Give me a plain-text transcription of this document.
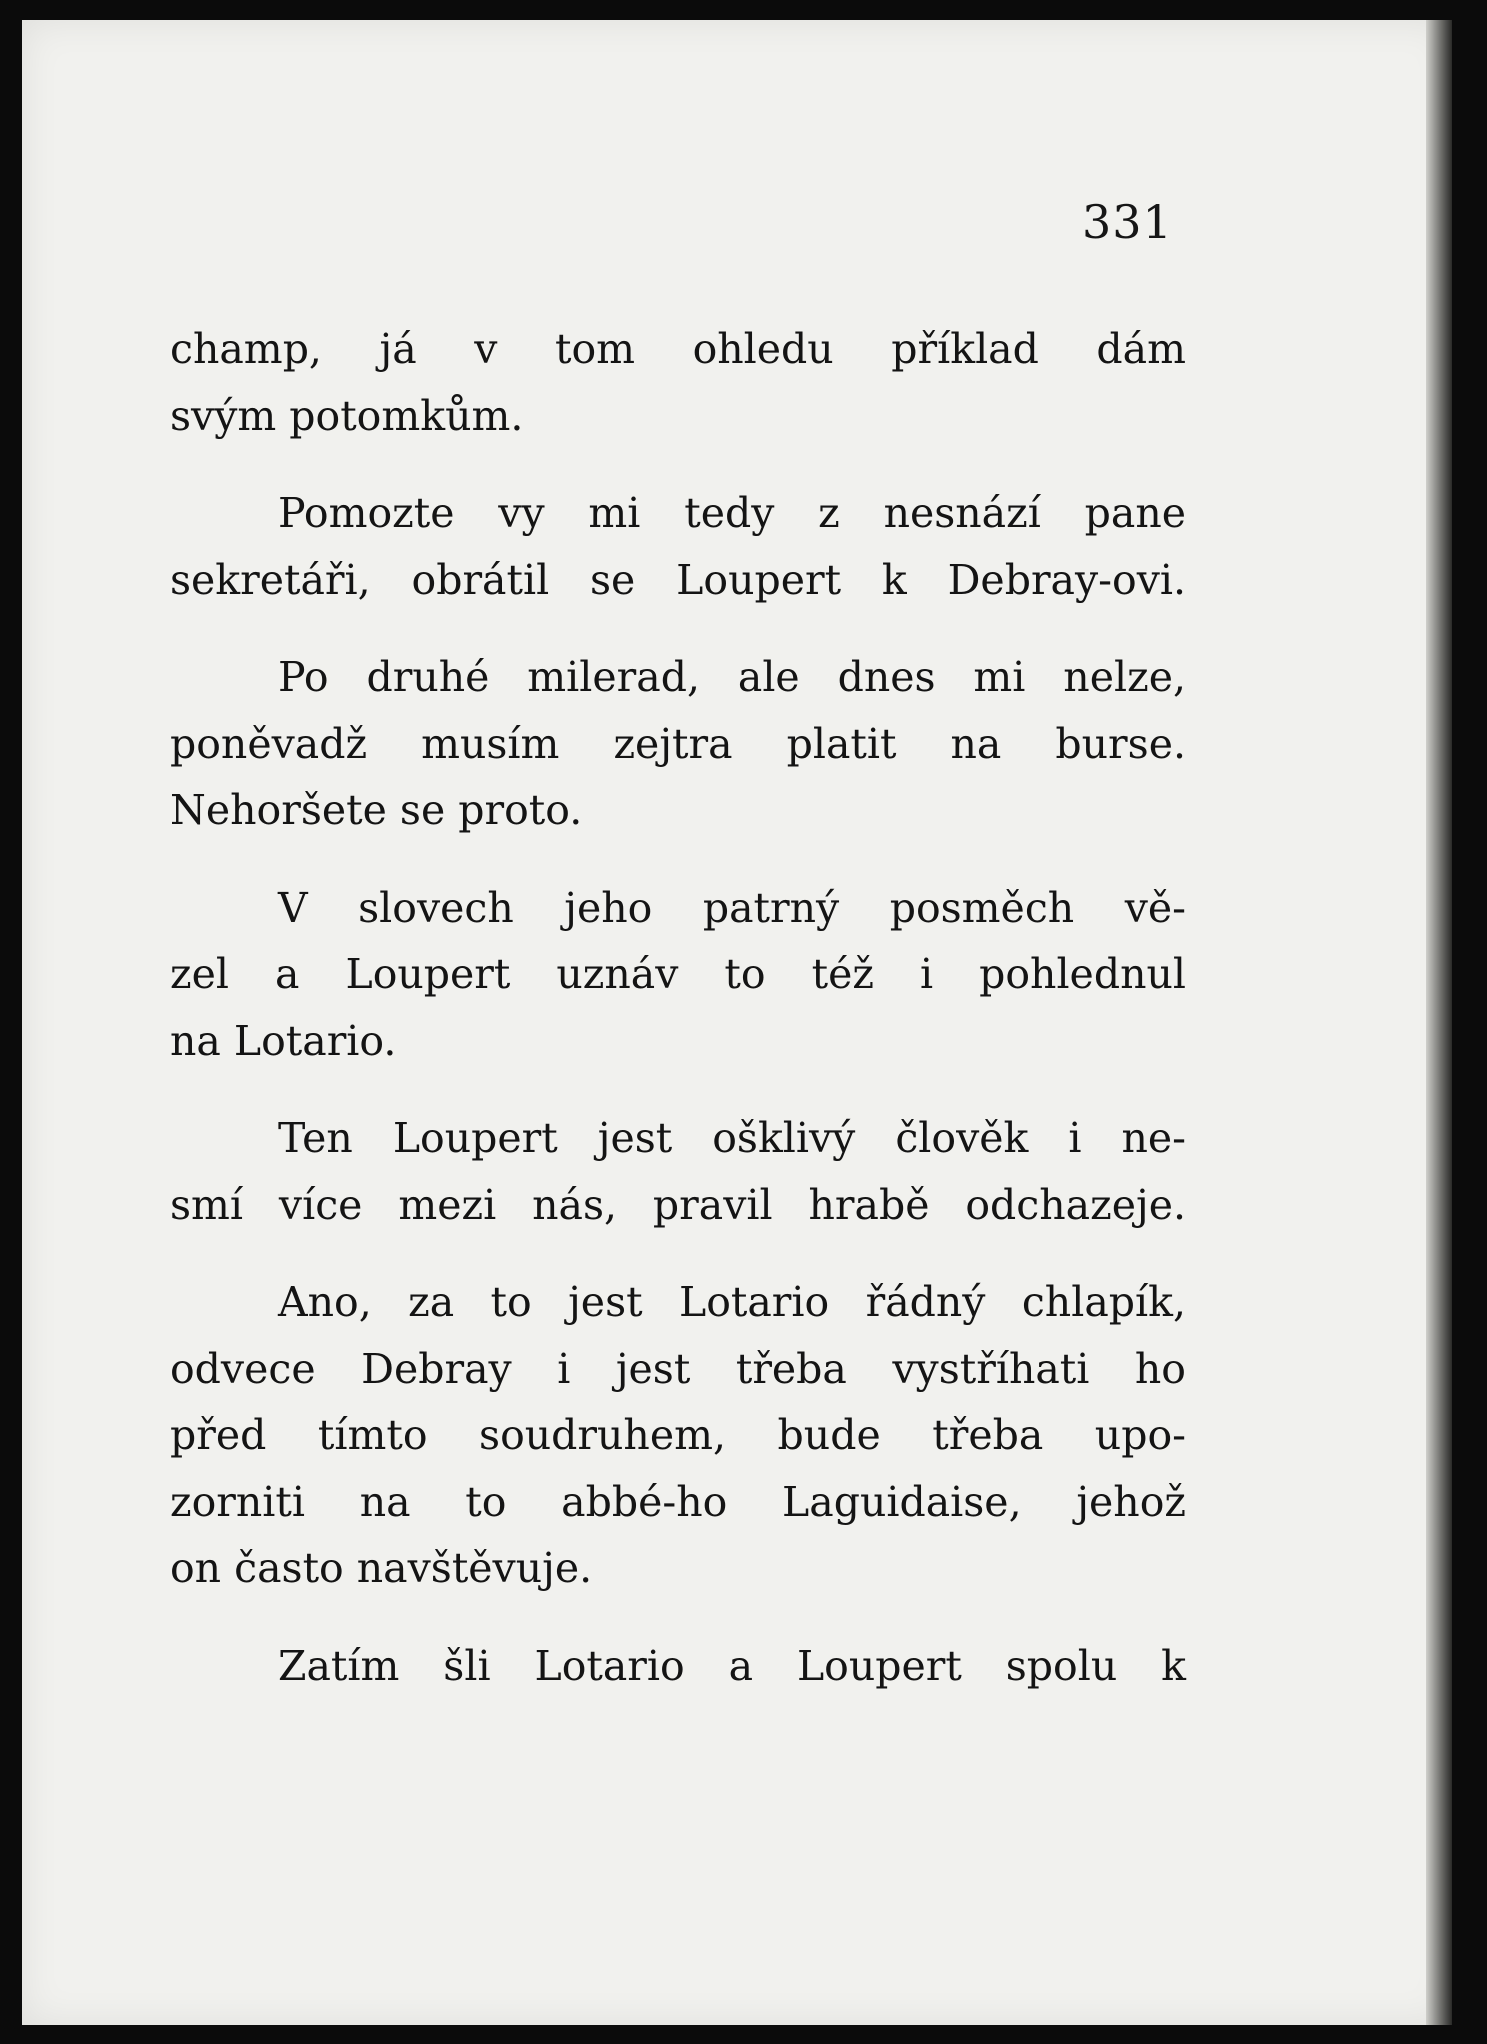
331
champ, já v tom ohledu příklad dám
svým potomkům.
Pomozte vy mi tedy z nesnází pane
sekretáři, obrátil se Loupert k Debray-ovi.
Po druhé milerad, ale dnes mi nelze,
poněvadž musím zejtra platit na burse.
Nehoršete se proto.
V slovech jeho patrný posměch vě-
zel a Loupert uznáv to též i pohlednul
na Lotario.
Ten Loupert jest ošklivý člověk i ne-
smí více mezi nás, pravil hrabě odchazeje.
Ano, za to jest Lotario řádný chlapík,
odvece Debray i jest třeba vystříhati ho
před tímto soudruhem, bude třeba upo-
zorniti na to abbé-ho Laguidaise, jehož
on často navštěvuje.
Zatím šli Lotario a Loupert spolu k
